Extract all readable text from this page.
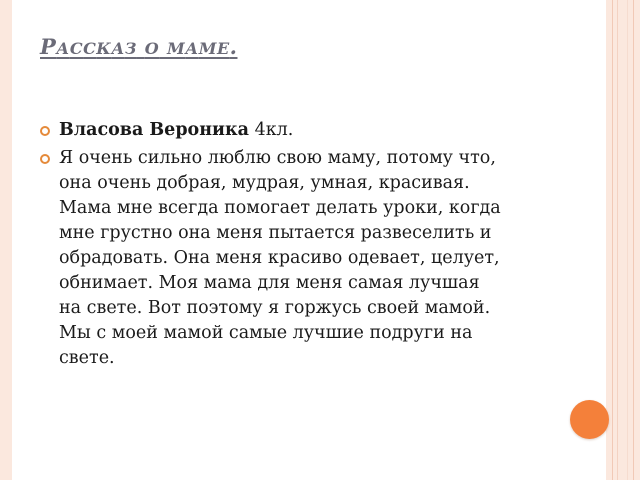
РАССКАЗ О МАМЕ.
Власова Вероника 4кл.
Я очень сильно люблю свою маму, потому что,
она очень добрая, мудрая, умная, красивая.
Мама мне всегда помогает делать уроки, когда
мне грустно она меня пытается развеселить и
обрадовать. Она меня красиво одевает, целует,
обнимает. Моя мама для меня самая лучшая
на свете. Вот поэтому я горжусь своей мамой.
Мы с моей мамой самые лучшие подруги на
свете.
